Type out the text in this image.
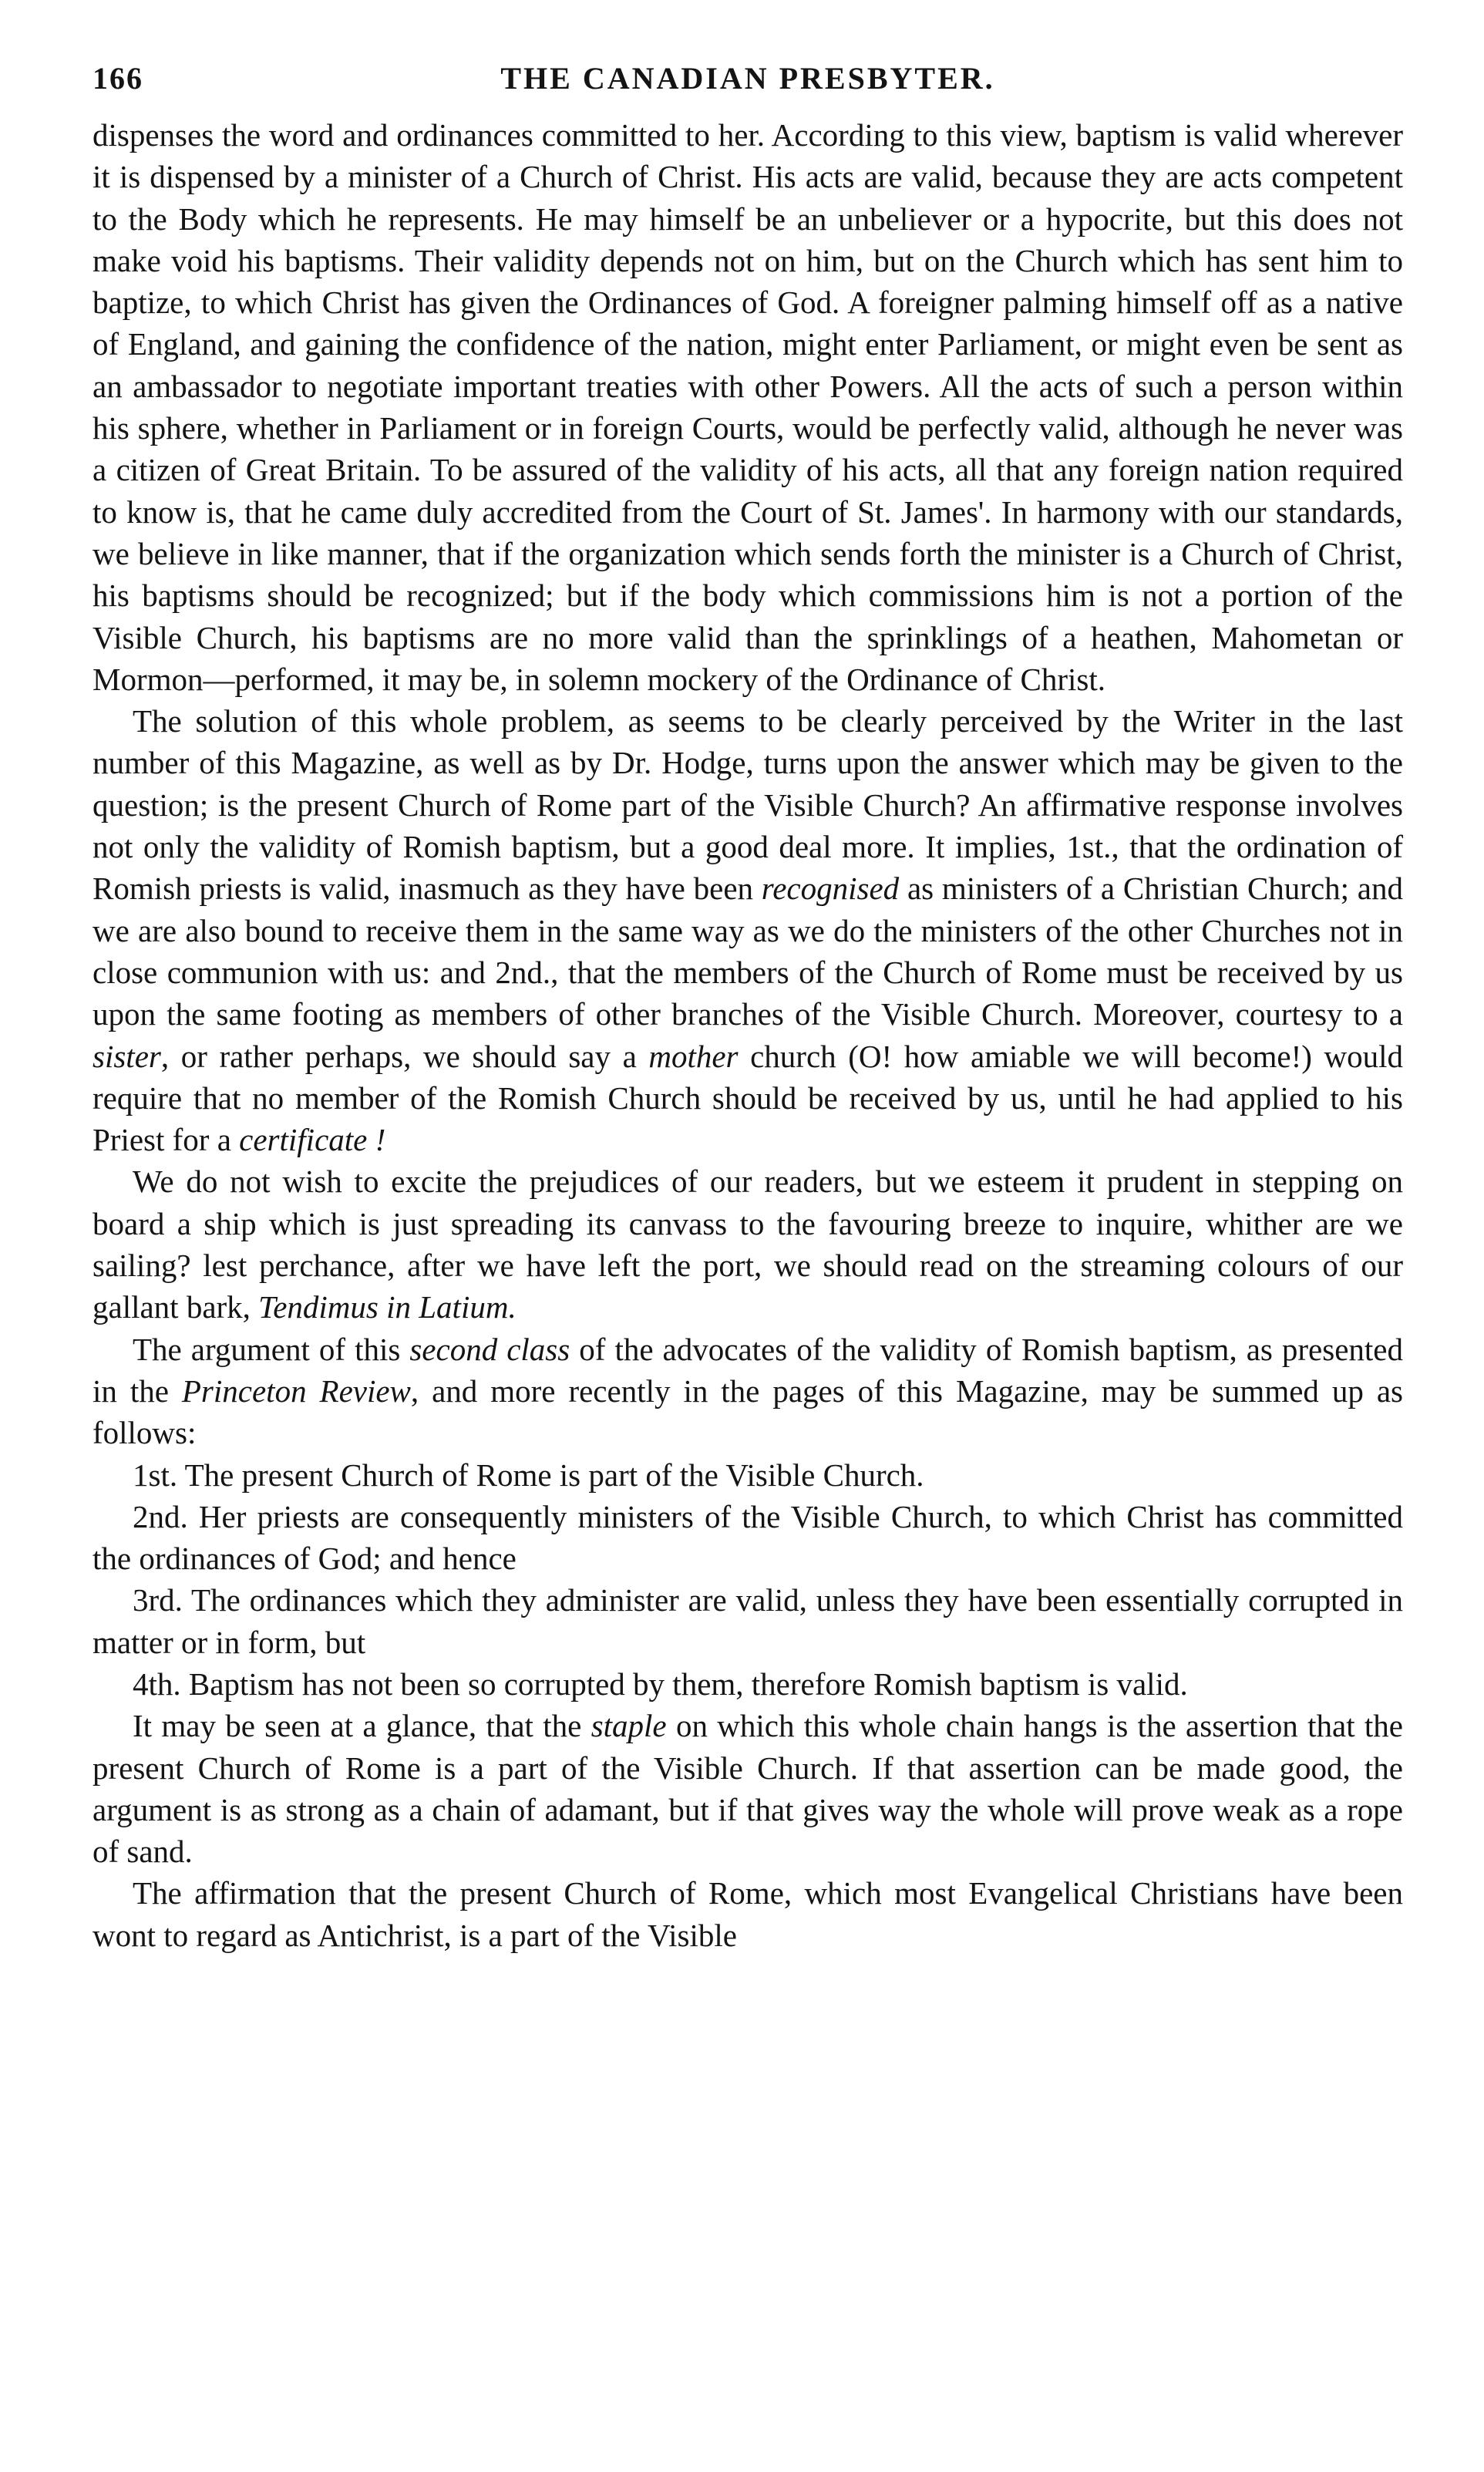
166	THE CANADIAN PRESBYTER.

dispenses the word and ordinances committed to her. According to this view, baptism is valid wherever it is dispensed by a minister of a Church of Christ. His acts are valid, because they are acts competent to the Body which he represents. He may himself be an unbeliever or a hypocrite, but this does not make void his baptisms. Their validity depends not on him, but on the Church which has sent him to baptize, to which Christ has given the Ordinances of God. A foreigner palming himself off as a native of England, and gaining the confidence of the nation, might enter Parliament, or might even be sent as an ambassador to negotiate important treaties with other Powers. All the acts of such a person within his sphere, whether in Parliament or in foreign Courts, would be perfectly valid, although he never was a citizen of Great Britain. To be assured of the validity of his acts, all that any foreign nation required to know is, that he came duly accredited from the Court of St. James'. In harmony with our standards, we believe in like manner, that if the organization which sends forth the minister is a Church of Christ, his baptisms should be recognized; but if the body which commissions him is not a portion of the Visible Church, his baptisms are no more valid than the sprinklings of a heathen, Mahometan or Mormon—performed, it may be, in solemn mockery of the Ordinance of Christ.

The solution of this whole problem, as seems to be clearly perceived by the Writer in the last number of this Magazine, as well as by Dr. Hodge, turns upon the answer which may be given to the question; is the present Church of Rome part of the Visible Church? An affirmative response involves not only the validity of Romish baptism, but a good deal more. It implies, 1st., that the ordination of Romish priests is valid, inasmuch as they have been recognised as ministers of a Christian Church; and we are also bound to receive them in the same way as we do the ministers of the other Churches not in close communion with us: and 2nd., that the members of the Church of Rome must be received by us upon the same footing as members of other branches of the Visible Church. Moreover, courtesy to a sister, or rather perhaps, we should say a mother church (O! how amiable we will become!) would require that no member of the Romish Church should be received by us, until he had applied to his Priest for a certificate !

We do not wish to excite the prejudices of our readers, but we esteem it prudent in stepping on board a ship which is just spreading its canvass to the favouring breeze to inquire, whither are we sailing? lest perchance, after we have left the port, we should read on the streaming colours of our gallant bark, Tendimus in Latium.

The argument of this second class of the advocates of the validity of Romish baptism, as presented in the Princeton Review, and more recently in the pages of this Magazine, may be summed up as follows:

1st. The present Church of Rome is part of the Visible Church.

2nd. Her priests are consequently ministers of the Visible Church, to which Christ has committed the ordinances of God; and hence

3rd. The ordinances which they administer are valid, unless they have been essentially corrupted in matter or in form, but

4th. Baptism has not been so corrupted by them, therefore Romish baptism is valid.

It may be seen at a glance, that the staple on which this whole chain hangs is the assertion that the present Church of Rome is a part of the Visible Church. If that assertion can be made good, the argument is as strong as a chain of adamant, but if that gives way the whole will prove weak as a rope of sand.

The affirmation that the present Church of Rome, which most Evangelical Christians have been wont to regard as Antichrist, is a part of the Visible
